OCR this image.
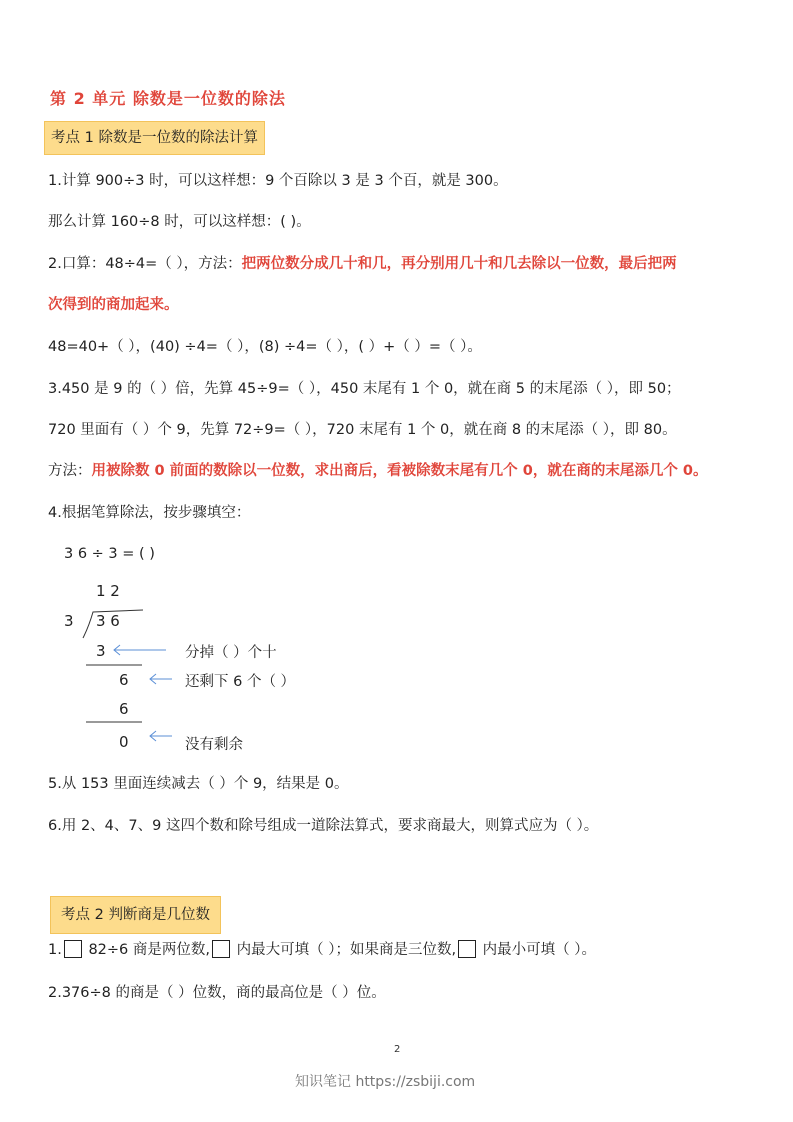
第 2 单元 除数是一位数的除法
考点 1 除数是一位数的除法计算
1.计算 900÷3 时，可以这样想：9 个百除以 3 是 3 个百，就是 300。
那么计算 160÷8 时，可以这样想：( )。
2.口算：48÷4=（ ），方法：把两位数分成几十和几，再分别用几十和几去除以一位数，最后把两
次得到的商加起来。
48=40+（ ），(40) ÷4=（ ），(8) ÷4=（ ），( ）+（ ）=（ ）。
3.450 是 9 的（ ）倍，先算 45÷9=（ ），450 末尾有 1 个 0，就在商 5 的末尾添（ ），即 50；
720 里面有（ ）个 9，先算 72÷9=（ ），720 末尾有 1 个 0，就在商 8 的末尾添（ ），即 80。
方法：用被除数 0 前面的数除以一位数，求出商后，看被除数末尾有几个 0，就在商的末尾添几个 0。
4.根据笔算除法，按步骤填空：
3 6 ÷ 3 = ( )
1 2
3 3 6
3
6
6
0
分掉（ ）个十
还剩下 6 个（ ）
没有剩余
5.从 153 里面连续减去（ ）个 9，结果是 0。
6.用 2、4、7、9 这四个数和除号组成一道除法算式，要求商最大，则算式应为（ ）。
考点 2 判断商是几位数
1. 82÷6 商是两位数, 内最大可填（ ）；如果商是三位数, 内最小可填（ ）。
2.376÷8 的商是（ ）位数，商的最高位是（ ）位。
2
知识笔记 https://zsbiji.com
